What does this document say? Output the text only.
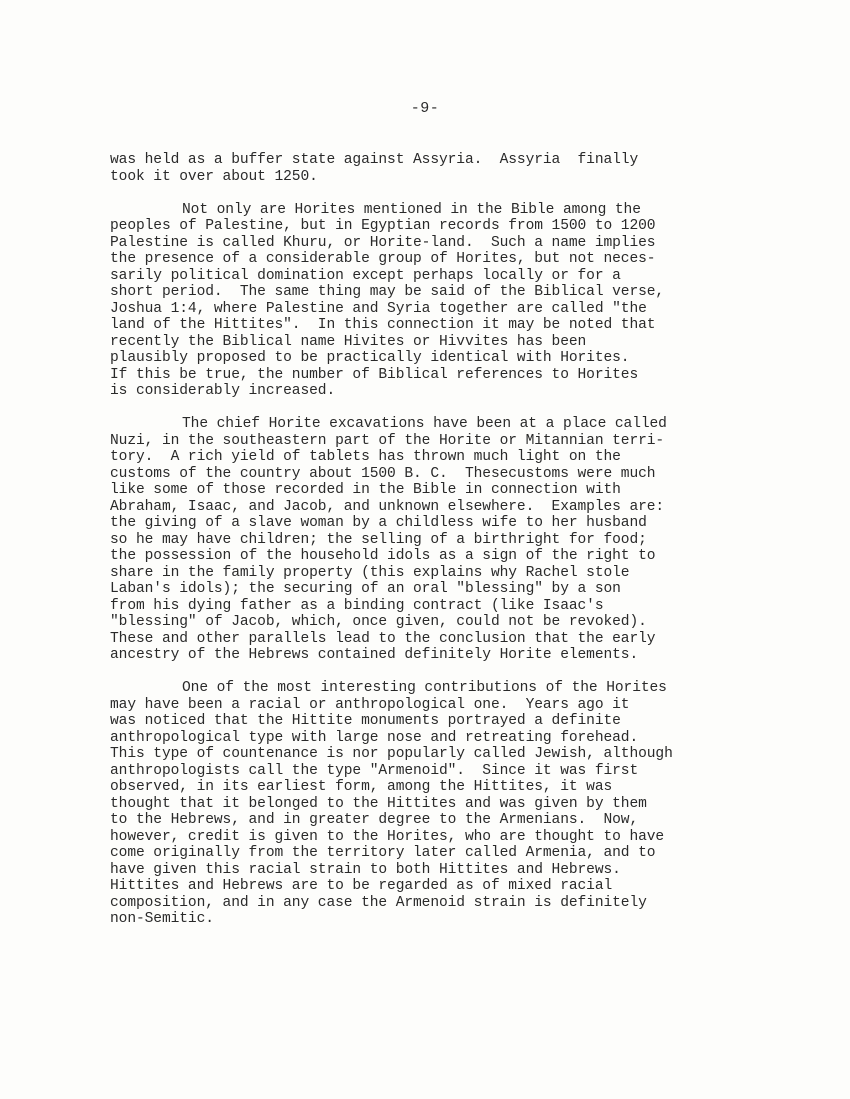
-9-
was held as a buffer state against Assyria.  Assyria  finally
took it over about 1250.
Not only are Horites mentioned in the Bible among the
peoples of Palestine, but in Egyptian records from 1500 to 1200
Palestine is called Khuru, or Horite-land.  Such a name implies
the presence of a considerable group of Horites, but not neces-
sarily political domination except perhaps locally or for a
short period.  The same thing may be said of the Biblical verse,
Joshua 1:4, where Palestine and Syria together are called "the
land of the Hittites".  In this connection it may be noted that
recently the Biblical name Hivites or Hivvites has been
plausibly proposed to be practically identical with Horites.
If this be true, the number of Biblical references to Horites
is considerably increased.
The chief Horite excavations have been at a place called
Nuzi, in the southeastern part of the Horite or Mitannian terri-
tory.  A rich yield of tablets has thrown much light on the
customs of the country about 1500 B. C.  Thesecustoms were much
like some of those recorded in the Bible in connection with
Abraham, Isaac, and Jacob, and unknown elsewhere.  Examples are:
the giving of a slave woman by a childless wife to her husband
so he may have children; the selling of a birthright for food;
the possession of the household idols as a sign of the right to
share in the family property (this explains why Rachel stole
Laban's idols); the securing of an oral "blessing" by a son
from his dying father as a binding contract (like Isaac's
"blessing" of Jacob, which, once given, could not be revoked).
These and other parallels lead to the conclusion that the early
ancestry of the Hebrews contained definitely Horite elements.
One of the most interesting contributions of the Horites
may have been a racial or anthropological one.  Years ago it
was noticed that the Hittite monuments portrayed a definite
anthropological type with large nose and retreating forehead.
This type of countenance is nor popularly called Jewish, although
anthropologists call the type "Armenoid".  Since it was first
observed, in its earliest form, among the Hittites, it was
thought that it belonged to the Hittites and was given by them
to the Hebrews, and in greater degree to the Armenians.  Now,
however, credit is given to the Horites, who are thought to have
come originally from the territory later called Armenia, and to
have given this racial strain to both Hittites and Hebrews.
Hittites and Hebrews are to be regarded as of mixed racial
composition, and in any case the Armenoid strain is definitely
non-Semitic.
